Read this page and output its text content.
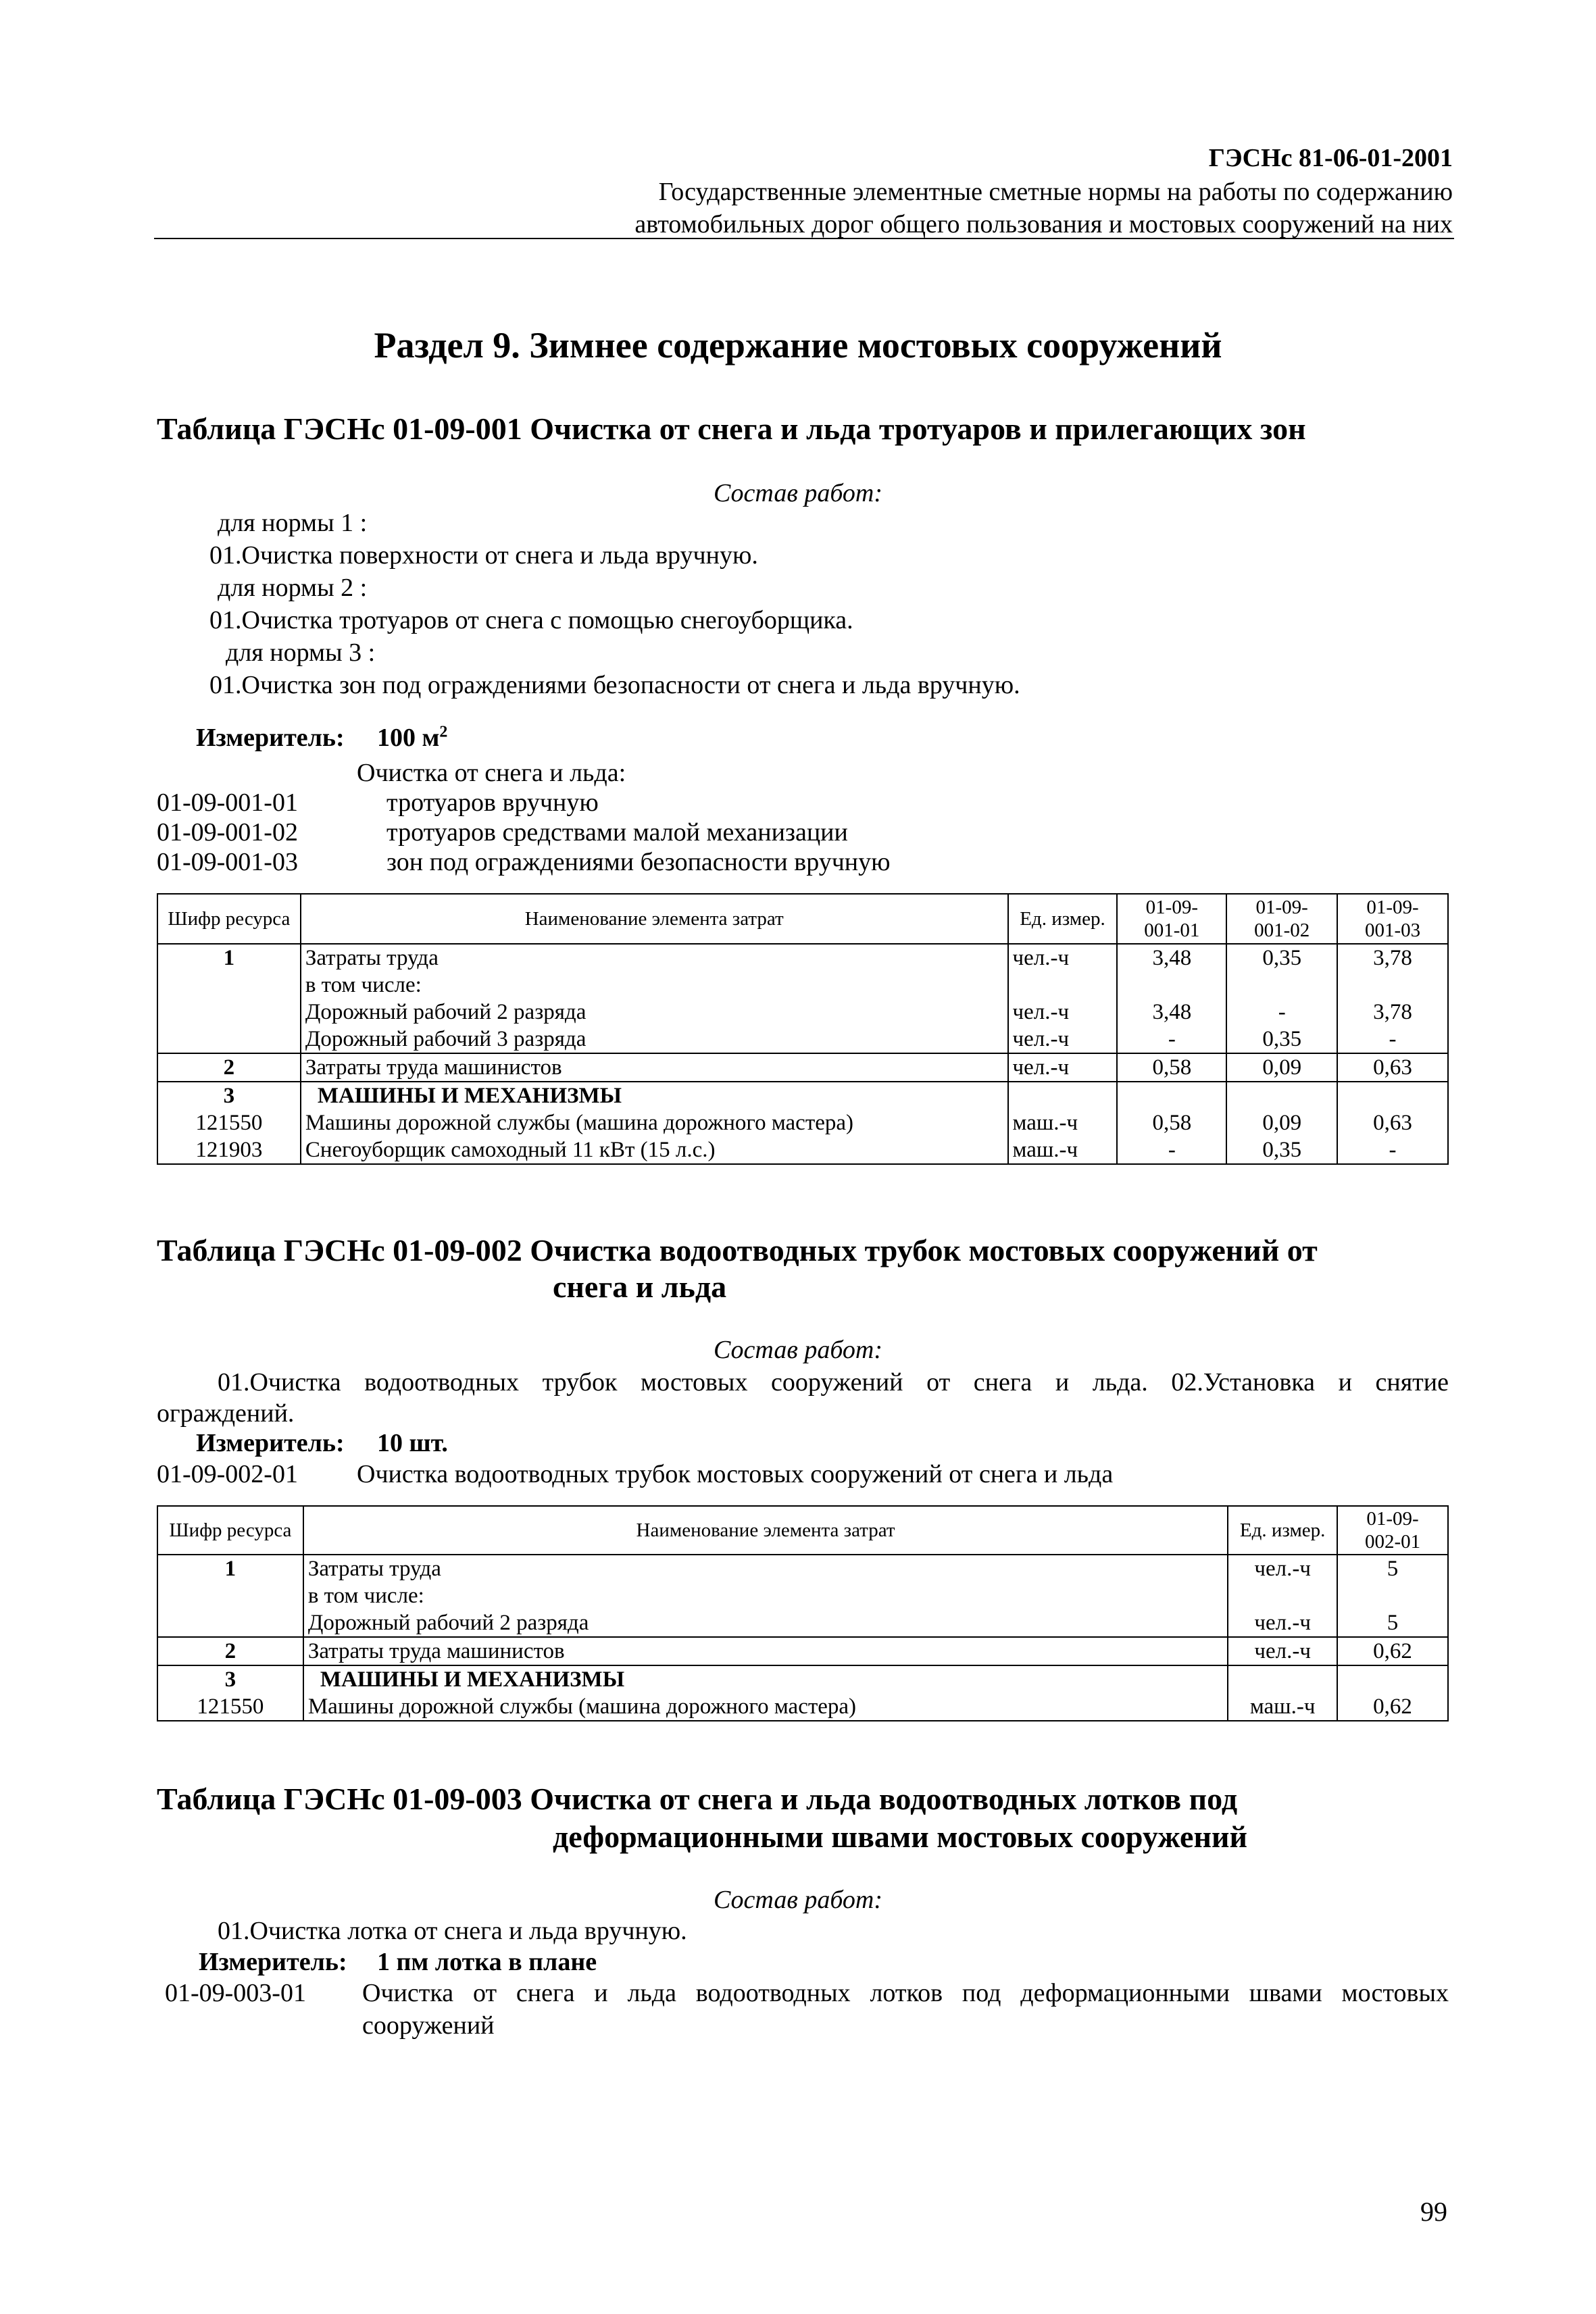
ГЭСНс 81-06-01-2001
Государственные элементные сметные нормы на работы по содержанию
автомобильных дорог общего пользования и мостовых сооружений на них
Раздел 9. Зимнее содержание мостовых сооружений
Таблица ГЭСНс 01-09-001 Очистка от снега и льда тротуаров и прилегающих зон
Состав работ:
для нормы 1 :
01.Очистка поверхности от снега и льда вручную.
для нормы 2 :
01.Очистка тротуаров от снега с помощью снегоуборщика.
для нормы 3 :
01.Очистка зон под ограждениями безопасности от снега и льда вручную.
Измеритель: 100 $м^2$
Очистка от снега и льда:
01-09-001-01	тротуаров вручную
01-09-001-02	тротуаров средствами малой механизации
01-09-001-03	зон под ограждениями безопасности вручную
Шифр ресурса	Наименование элемента затрат	Ед. измер.	01-09-
001-01	01-09-
001-02	01-09-
001-03

1	Затраты труда	чел.-ч	3,48	0,35	3,78
	в том числе:				
	Дорожный рабочий 2 разряда	чел.-ч	3,48	-	3,78
	Дорожный рабочий 3 разряда	чел.-ч	-	0,35	-
2	Затраты труда машинистов	чел.-ч	0,58	0,09	0,63
3	МАШИНЫ И МЕХАНИЗМЫ				
121550	Машины дорожной службы (машина дорожного мастера)	маш.-ч	0,58	0,09	0,63
121903	Снегоуборщик самоходный 11 кВт (15 л.с.)	маш.-ч	-	0,35	-
Таблица ГЭСНс 01-09-002 Очистка водоотводных трубок мостовых сооружений от
снега и льда
Состав работ:
01.Очистка водоотводных трубок мостовых сооружений от снега и льда. 02.Установка и снятие
ограждений.
Измеритель: 10 шт.
01-09-002-01 Очистка водоотводных трубок мостовых сооружений от снега и льда
Шифр ресурса	Наименование элемента затрат	Ед. измер.	01-09-
002-01

1	Затраты труда	чел.-ч	5
	в том числе:		
	Дорожный рабочий 2 разряда	чел.-ч	5
2	Затраты труда машинистов	чел.-ч	0,62
3	МАШИНЫ И МЕХАНИЗМЫ		
121550	Машины дорожной службы (машина дорожного мастера)	маш.-ч	0,62
Таблица ГЭСНс 01-09-003 Очистка от снега и льда водоотводных лотков под
деформационными швами мостовых сооружений
Состав работ:
01.Очистка лотка от снега и льда вручную.
Измеритель: 1 пм лотка в плане
01-09-003-01 Очистка от снега и льда водоотводных лотков под деформационными швами мостовых
сооружений
99
